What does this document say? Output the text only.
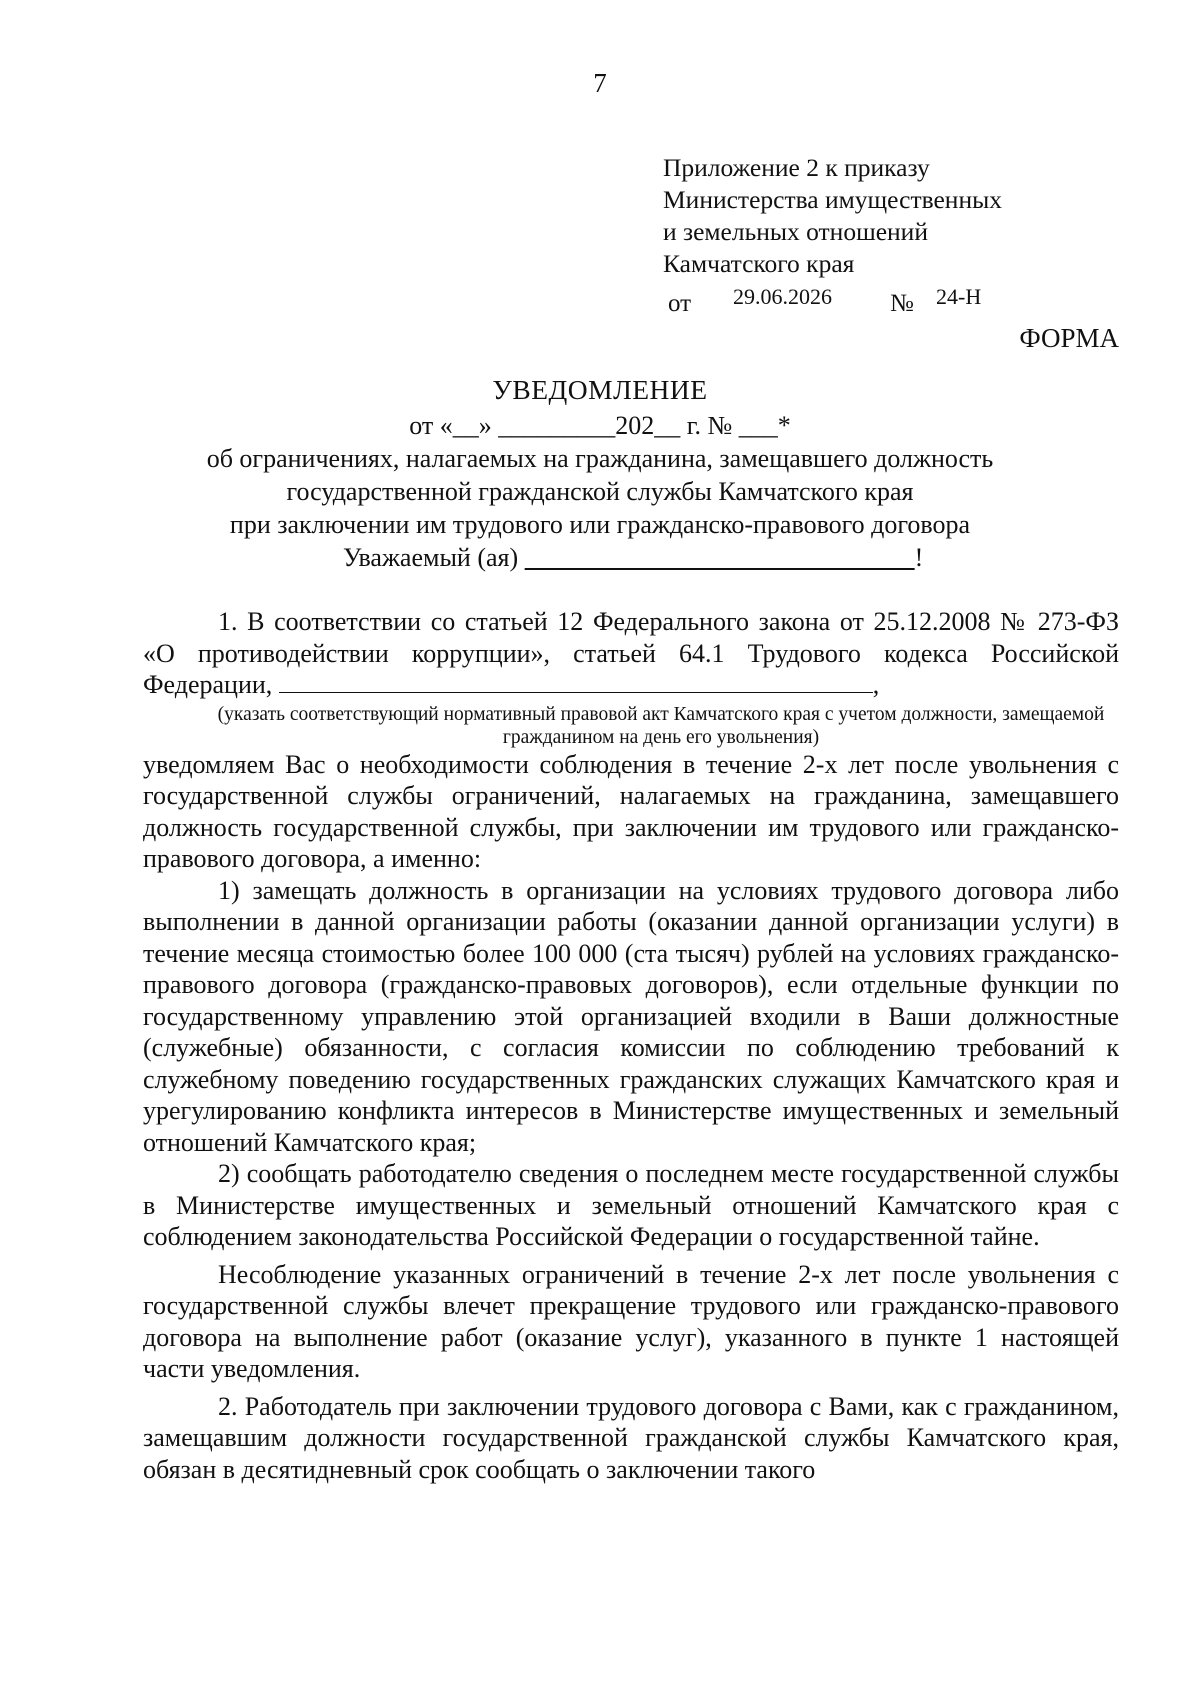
7
Приложение 2 к приказу
Министерства имущественных
и земельных отношений
Камчатского края
от 29.06.2026 № 24-Н
ФОРМА
УВЕДОМЛЕНИЕ
от «__» _________202__ г. № ___*
об ограничениях, налагаемых на гражданина, замещавшего должность
государственной гражданской службы Камчатского края
при заключении им трудового или гражданско-правового договора
Уважаемый (ая)	!

1. В соответствии со статьей 12 Федерального закона от 25.12.2008 № 273-ФЗ «О противодействии коррупции», статьей 64.1 Трудового кодекса Российской Федерации,	,

(указать соответствующий нормативный правовой акт Камчатского края с учетом должности, замещаемой гражданином на день его увольнения)

уведомляем Вас о необходимости соблюдения в течение 2-х лет после увольнения с государственной службы ограничений, налагаемых на гражданина, замещавшего должность государственной службы, при заключении им трудового или гражданско-правового договора, а именно:

1) замещать должность в организации на условиях трудового договора либо выполнении в данной организации работы (оказании данной организации услуги) в течение месяца стоимостью более 100 000 (ста тысяч) рублей на условиях гражданско-правового договора (гражданско-правовых договоров), если отдельные функции по государственному управлению этой организацией входили в Ваши должностные (служебные) обязанности, с согласия комиссии по соблюдению требований к служебному поведению государственных гражданских служащих Камчатского края и урегулированию конфликта интересов в Министерстве имущественных и земельный отношений Камчатского края;

2) сообщать работодателю сведения о последнем месте государственной службы в Министерстве имущественных и земельный отношений Камчатского края с соблюдением законодательства Российской Федерации о государственной тайне.

Несоблюдение указанных ограничений в течение 2-х лет после увольнения с государственной службы влечет прекращение трудового или гражданско-правового договора на выполнение работ (оказание услуг), указанного в пункте 1 настоящей части уведомления.

2. Работодатель при заключении трудового договора с Вами, как с гражданином, замещавшим должности государственной гражданской службы Камчатского края, обязан в десятидневный срок сообщать о заключении такого
